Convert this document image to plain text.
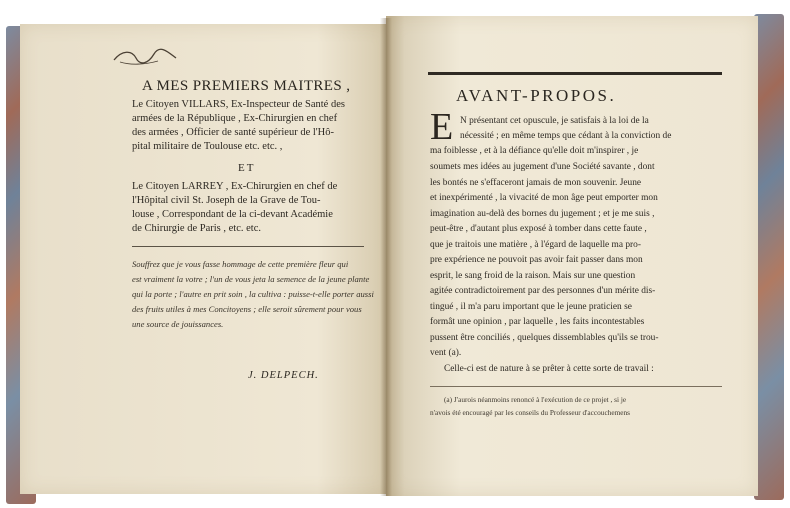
A MES PREMIERS MAITRES ,
Le Citoyen VILLARS, Ex-Inspecteur de Santé des
armées de la République , Ex-Chirurgien en chef
des armées , Officier de santé supérieur de l'Hô-
pital militaire de Toulouse etc. etc. ,
ET
Le Citoyen LARREY , Ex-Chirurgien en chef de
l'Hôpital civil St. Joseph de la Grave de Tou-
louse , Correspondant de la ci-devant Académie
de Chirurgie de Paris , etc. etc.
Souffrez que je vous fasse hommage de cette première fleur qui
est vraiment la votre ; l'un de vous jeta la semence de la jeune plante
qui la porte ; l'autre en prit soin , la cultiva : puisse-t-elle porter aussi
des fruits utiles à mes Concitoyens ; elle seroit sûrement pour vous
une source de jouissances.
J. DELPECH.
AVANT-PROPOS.
E N présentant cet opuscule, je satisfais à la loi de la
nécessité ; en même temps que cédant à la conviction de
ma foiblesse , et à la défiance qu'elle doit m'inspirer , je
soumets mes idées au jugement d'une Société savante , dont
les bontés ne s'effaceront jamais de mon souvenir. Jeune
et inexpérimenté , la vivacité de mon âge peut emporter mon
imagination au-delà des bornes du jugement ; et je me suis ,
peut-être , d'autant plus exposé à tomber dans cette faute ,
que je traitois une matière , à l'égard de laquelle ma pro-
pre expérience ne pouvoit pas avoir fait passer dans mon
esprit, le sang froid de la raison. Mais sur une question
agitée contradictoirement par des personnes d'un mérite dis-
tingué , il m'a paru important que le jeune praticien se
formât une opinion , par laquelle , les faits incontestables
pussent être conciliés , quelques dissemblables qu'ils se trou-
vent (a).
Celle-ci est de nature à se prêter à cette sorte de travail :
(a) J'aurois néanmoins renoncé à l'exécution de ce projet , si je
n'avois été encouragé par les conseils du Professeur d'accouchemens
